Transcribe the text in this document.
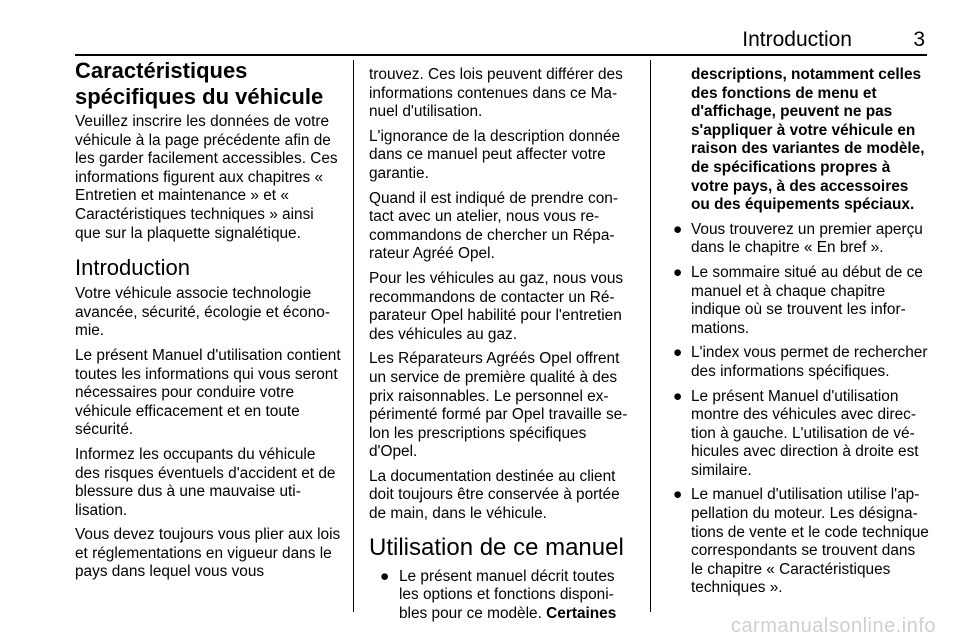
Introduction	3
Caractéristiques spécifiques du véhicule

Veuillez inscrire les données de votre véhicule à la page précédente afin de les garder facilement accessibles. Ces informations figurent aux chapitres « Entretien et maintenance » et « Caractéristiques techniques » ainsi que sur la plaquette signalétique.

Introduction

Votre véhicule associe technologie avancée, sécurité, écologie et économie.

Le présent Manuel d'utilisation contient toutes les informations qui vous seront nécessaires pour conduire votre véhicule efficacement et en toute sécurité.

Informez les occupants du véhicule des risques éventuels d'accident et de blessure dus à une mauvaise utilisation.

Vous devez toujours vous plier aux lois et réglementations en vigueur dans le pays dans lequel vous vous

trouvez. Ces lois peuvent différer des informations contenues dans ce Manuel d'utilisation.

L'ignorance de la description donnée dans ce manuel peut affecter votre garantie.

Quand il est indiqué de prendre contact avec un atelier, nous vous recommandons de chercher un Réparateur Agréé Opel.

Pour les véhicules au gaz, nous vous recommandons de contacter un Réparateur Opel habilité pour l'entretien des véhicules au gaz.

Les Réparateurs Agréés Opel offrent un service de première qualité à des prix raisonnables. Le personnel expérimenté formé par Opel travaille selon les prescriptions spécifiques d'Opel.

La documentation destinée au client doit toujours être conservée à portée de main, dans le véhicule.

Utilisation de ce manuel
● Le présent manuel décrit toutes les options et fonctions disponibles pour ce modèle. Certaines

descriptions, notamment celles des fonctions de menu et d'affichage, peuvent ne pas s'appliquer à votre véhicule en raison des variantes de modèle, de spécifications propres à votre pays, à des accessoires ou des équipements spéciaux.

● Vous trouverez un premier aperçu dans le chapitre « En bref ».
● Le sommaire situé au début de ce manuel et à chaque chapitre indique où se trouvent les informations.
● L'index vous permet de rechercher des informations spécifiques.
● Le présent Manuel d'utilisation montre des véhicules avec direction à gauche. L'utilisation de véhicules avec direction à droite est similaire.
● Le manuel d'utilisation utilise l'appellation du moteur. Les désignations de vente et le code technique correspondants se trouvent dans le chapitre « Caractéristiques techniques ».
carmanualsonline.info
